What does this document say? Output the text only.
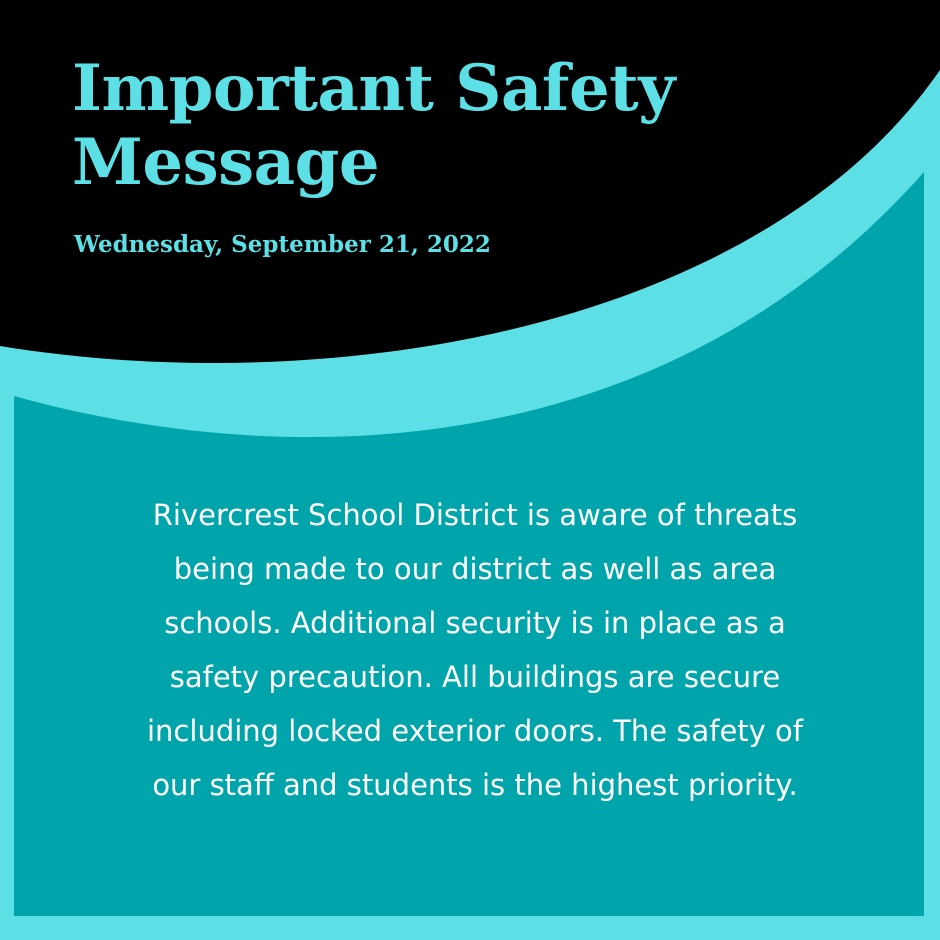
Important Safety Message
Wednesday, September 21, 2022

Rivercrest School District is aware of threats
being made to our district as well as area
schools. Additional security is in place as a
safety precaution. All buildings are secure
including locked exterior doors. The safety of
our staff and students is the highest priority.
